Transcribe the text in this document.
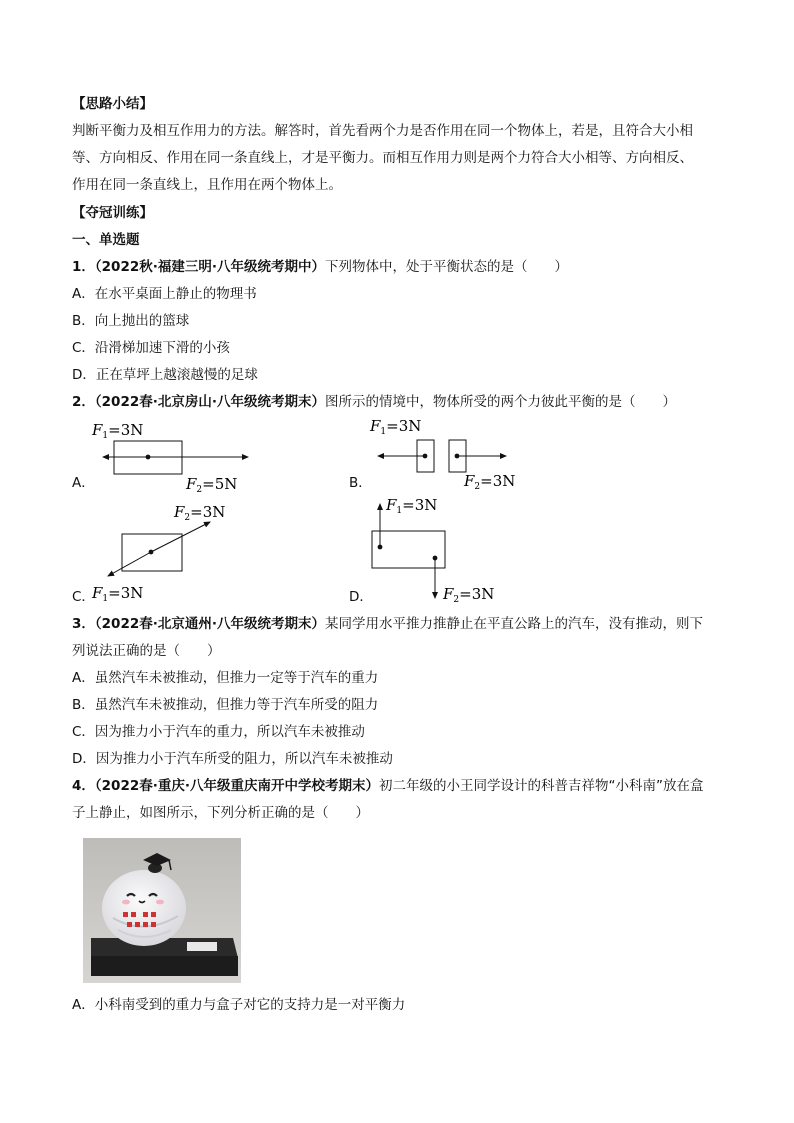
【思路小结】
判断平衡力及相互作用力的方法。解答时，首先看两个力是否作用在同一个物体上，若是，且符合大小相
等、方向相反、作用在同一条直线上，才是平衡力。而相互作用力则是两个力符合大小相等、方向相反、
作用在同一条直线上，且作用在两个物体上。
【夺冠训练】
一、单选题
1．（2022秋·福建三明·八年级统考期中）下列物体中，处于平衡状态的是（　　）
A．在水平桌面上静止的物理书
B．向上抛出的篮球
C．沿滑梯加速下滑的小孩
D．正在草坪上越滚越慢的足球
2．（2022春·北京房山·八年级统考期末）图所示的情境中，物体所受的两个力彼此平衡的是（　　）
A．
$F_1=3N$
$F_2=5N$	B．
$F_1=3N$
$F_2=3N$
C．
$F_2=3N$
$F_1=3N$	D．
$F_1=3N$
$F_2=3N$
3．（2022春·北京通州·八年级统考期末）某同学用水平推力推静止在平直公路上的汽车，没有推动，则下
列说法正确的是（　　）
A．虽然汽车未被推动，但推力一定等于汽车的重力
B．虽然汽车未被推动，但推力等于汽车所受的阻力
C．因为推力小于汽车的重力，所以汽车未被推动
D．因为推力小于汽车所受的阻力，所以汽车未被推动
4．（2022春·重庆·八年级重庆南开中学校考期末）初二年级的小王同学设计的科普吉祥物“小科南”放在盒
子上静止，如图所示，下列分析正确的是（　　）
A．小科南受到的重力与盒子对它的支持力是一对平衡力
